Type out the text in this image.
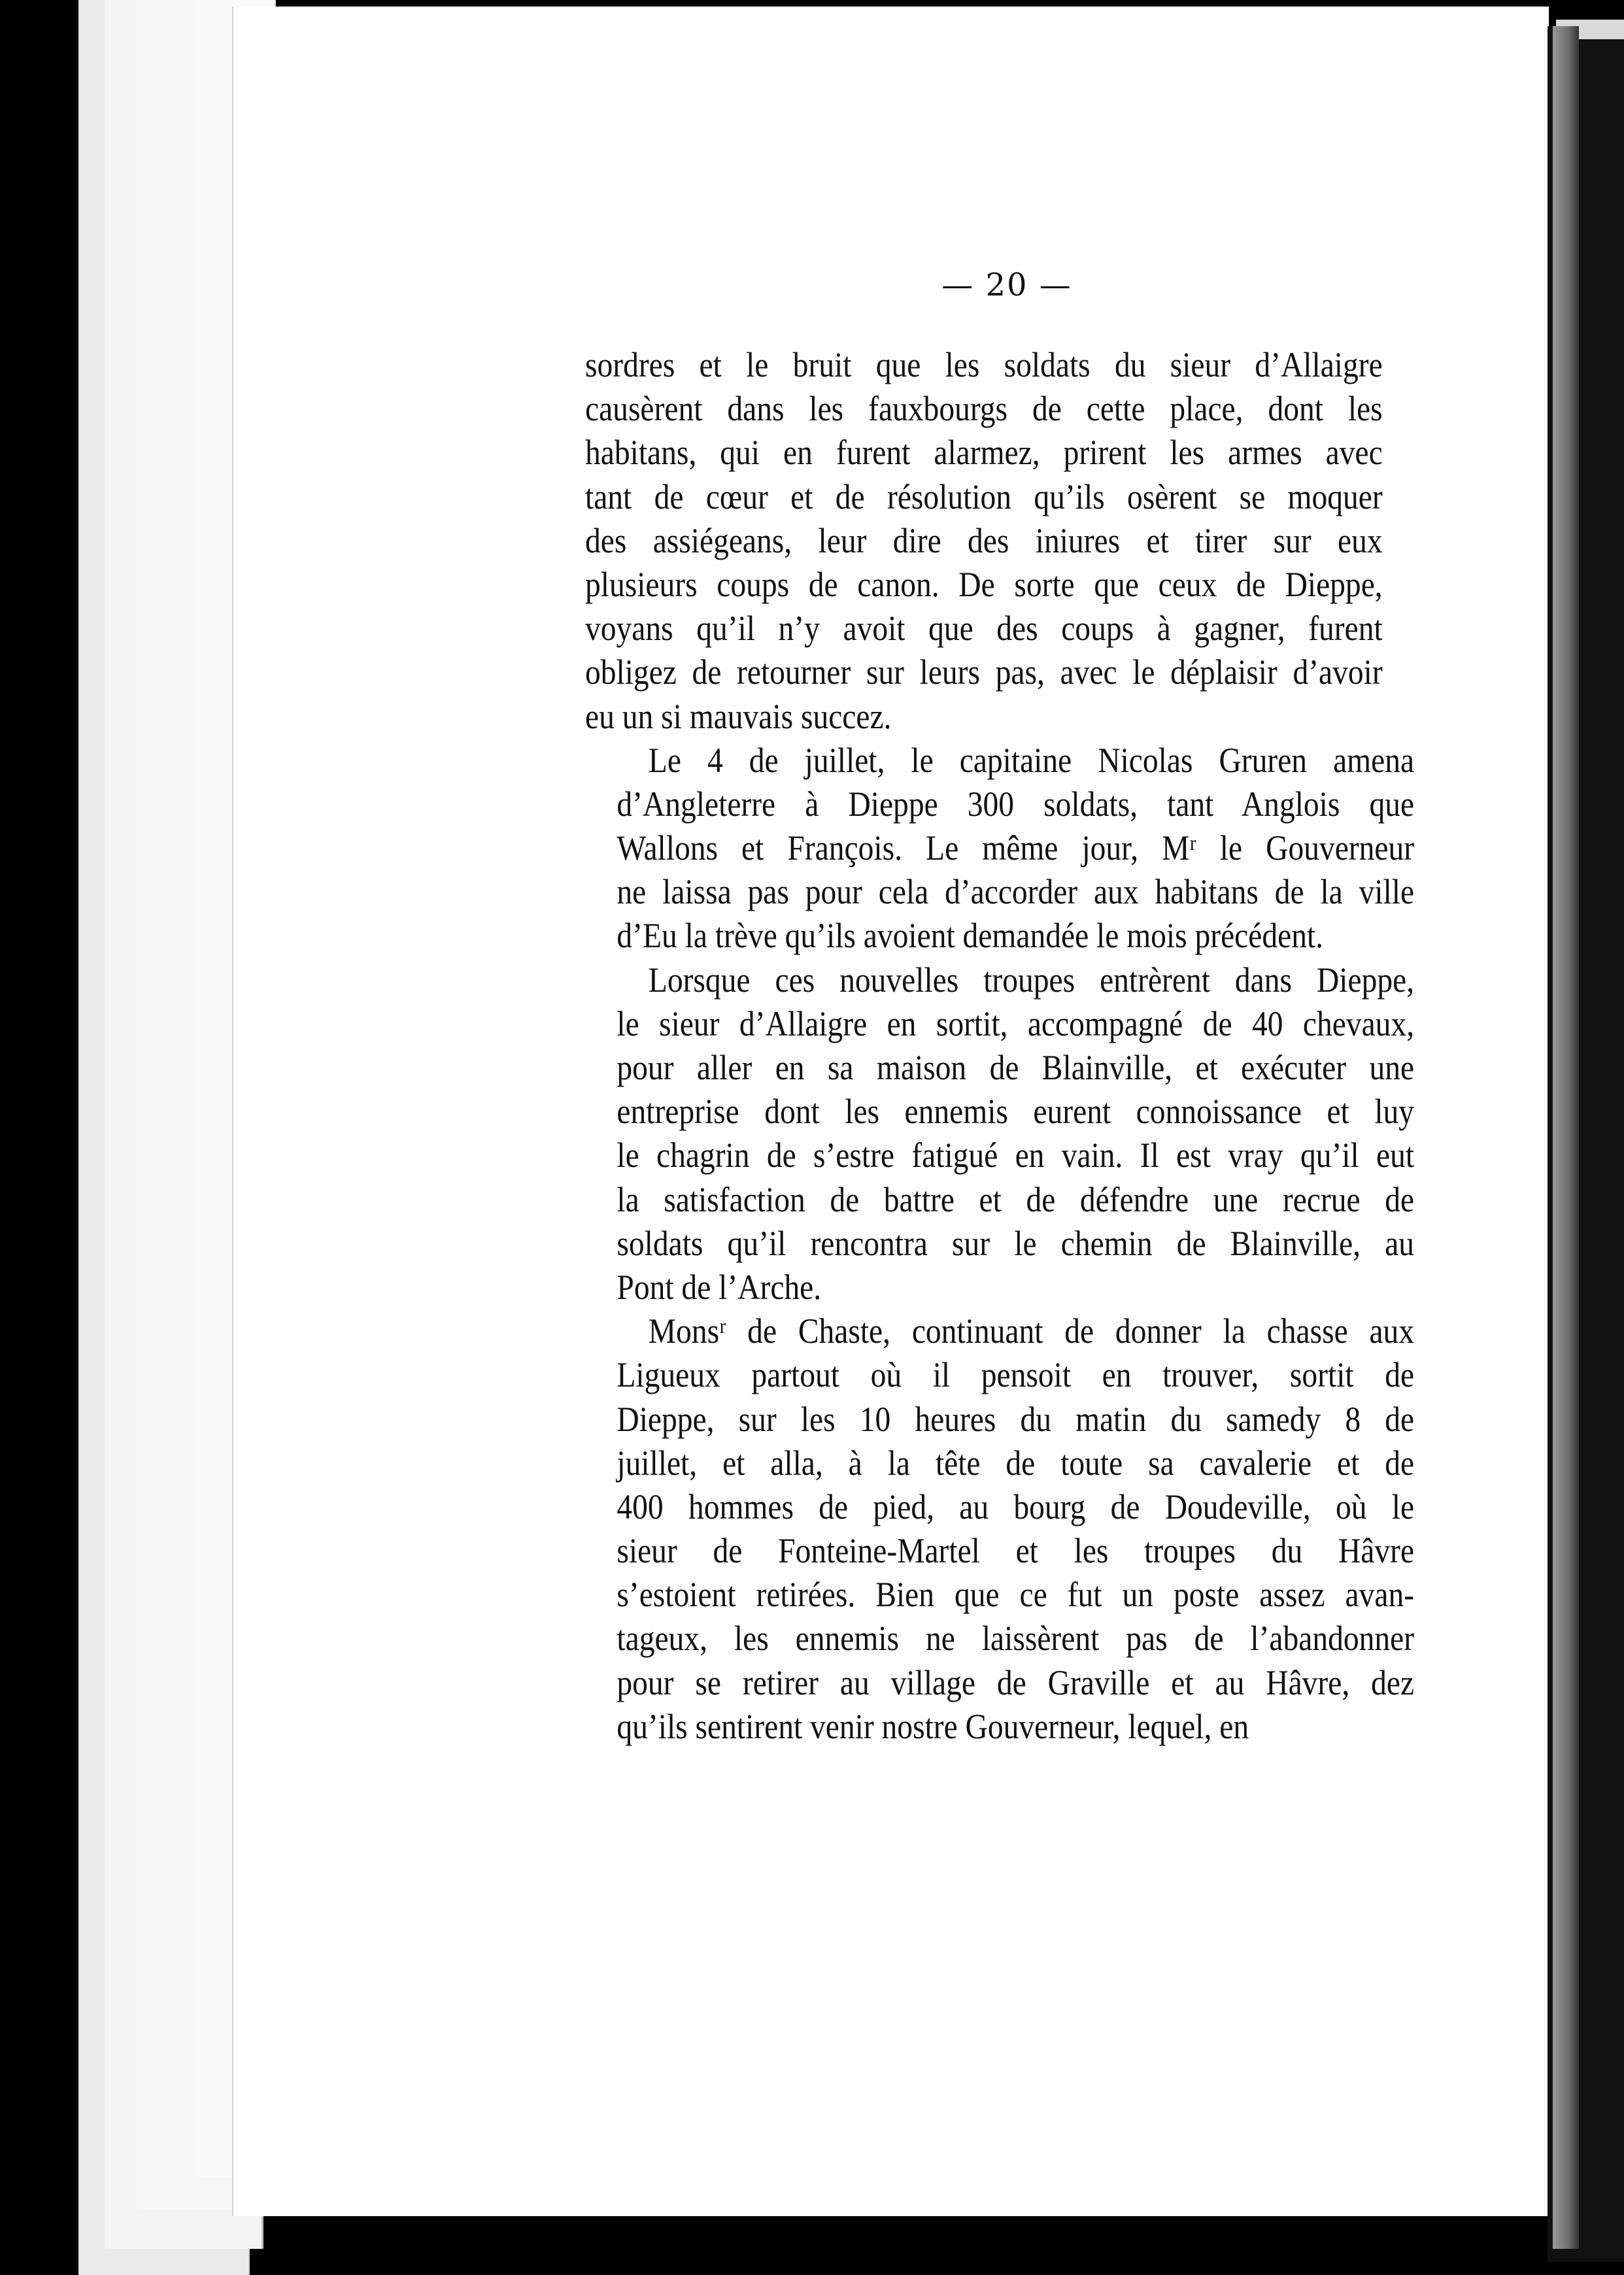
— 20 —
sordres et le bruit que les soldats du sieur d’Allaigre
causèrent dans les fauxbourgs de cette place, dont les
habitans, qui en furent alarmez, prirent les armes avec
tant de cœur et de résolution qu’ils osèrent se moquer
des assiégeans, leur dire des iniures et tirer sur eux
plusieurs coups de canon. De sorte que ceux de Dieppe,
voyans qu’il n’y avoit que des coups à gagner, furent
obligez de retourner sur leurs pas, avec le déplaisir d’avoir
eu un si mauvais succez.
Le 4 de juillet, le capitaine Nicolas Gruren amena
d’Angleterre à Dieppe 300 soldats, tant Anglois que
Wallons et François. Le même jour, Mʳ le Gouverneur
ne laissa pas pour cela d’accorder aux habitans de la ville
d’Eu la trève qu’ils avoient demandée le mois précédent.
Lorsque ces nouvelles troupes entrèrent dans Dieppe,
le sieur d’Allaigre en sortit, accompagné de 40 chevaux,
pour aller en sa maison de Blainville, et exécuter une
entreprise dont les ennemis eurent connoissance et luy
le chagrin de s’estre fatigué en vain. Il est vray qu’il eut
la satisfaction de battre et de défendre une recrue de
soldats qu’il rencontra sur le chemin de Blainville, au
Pont de l’Arche.
Monsʳ de Chaste, continuant de donner la chasse aux
Ligueux partout où il pensoit en trouver, sortit de
Dieppe, sur les 10 heures du matin du samedy 8 de
juillet, et alla, à la tête de toute sa cavalerie et de
400 hommes de pied, au bourg de Doudeville, où le
sieur de Fonteine-Martel et les troupes du Hâvre
s’estoient retirées. Bien que ce fut un poste assez avan-
tageux, les ennemis ne laissèrent pas de l’abandonner
pour se retirer au village de Graville et au Hâvre, dez
qu’ils sentirent venir nostre Gouverneur, lequel, en
